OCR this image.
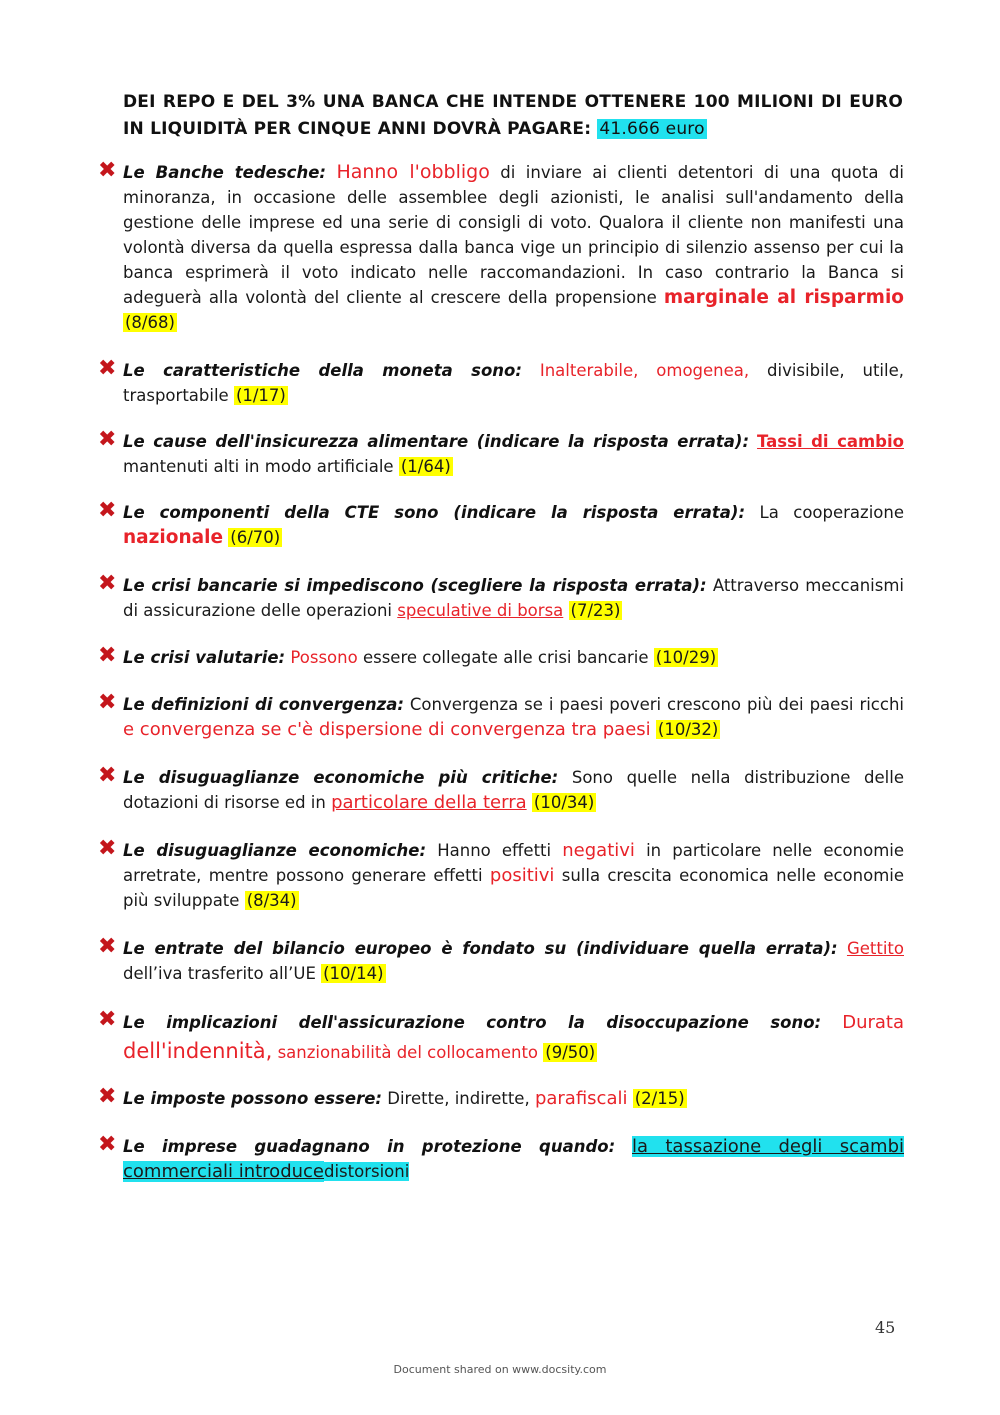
DEI REPO E DEL 3% UNA BANCA CHE INTENDE OTTENERE 100 MILIONI DI EURO IN LIQUIDITÀ PER CINQUE ANNI DOVRÀ PAGARE: 41.666 euro
✖ Le Banche tedesche: Hanno l'obbligo di inviare ai clienti detentori di una quota di minoranza, in occasione delle assemblee degli azionisti, le analisi sull'andamento della gestione delle imprese ed una serie di consigli di voto. Qualora il cliente non manifesti una volontà diversa da quella espressa dalla banca vige un principio di silenzio assenso per cui la banca esprimerà il voto indicato nelle raccomandazioni. In caso contrario la Banca si adeguerà alla volontà del cliente al crescere della propensione marginale al risparmio (8/68)
✖ Le caratteristiche della moneta sono: Inalterabile, omogenea, divisibile, utile, trasportabile (1/17)
✖ Le cause dell'insicurezza alimentare (indicare la risposta errata): Tassi di cambio mantenuti alti in modo artificiale (1/64)
✖ Le componenti della CTE sono (indicare la risposta errata): La cooperazione nazionale (6/70)
✖ Le crisi bancarie si impediscono (scegliere la risposta errata): Attraverso meccanismi di assicurazione delle operazioni speculative di borsa (7/23)
✖ Le crisi valutarie: Possono essere collegate alle crisi bancarie (10/29)
✖ Le definizioni di convergenza: Convergenza se i paesi poveri crescono più dei paesi ricchi e convergenza se c'è dispersione di convergenza tra paesi (10/32)
✖ Le disuguaglianze economiche più critiche: Sono quelle nella distribuzione delle dotazioni di risorse ed in particolare della terra (10/34)
✖ Le disuguaglianze economiche: Hanno effetti negativi in particolare nelle economie arretrate, mentre possono generare effetti positivi sulla crescita economica nelle economie più sviluppate (8/34)
✖ Le entrate del bilancio europeo è fondato su (individuare quella errata): Gettito dell’iva trasferito all’UE (10/14)
✖ Le implicazioni dell'assicurazione contro la disoccupazione sono: Durata dell'indennità, sanzionabilità del collocamento (9/50)
✖ Le imposte possono essere: Dirette, indirette, parafiscali (2/15)
✖ Le imprese guadagnano in protezione quando: la tassazione degli scambi commerciali introducedistorsioni
45
Document shared on www.docsity.com
